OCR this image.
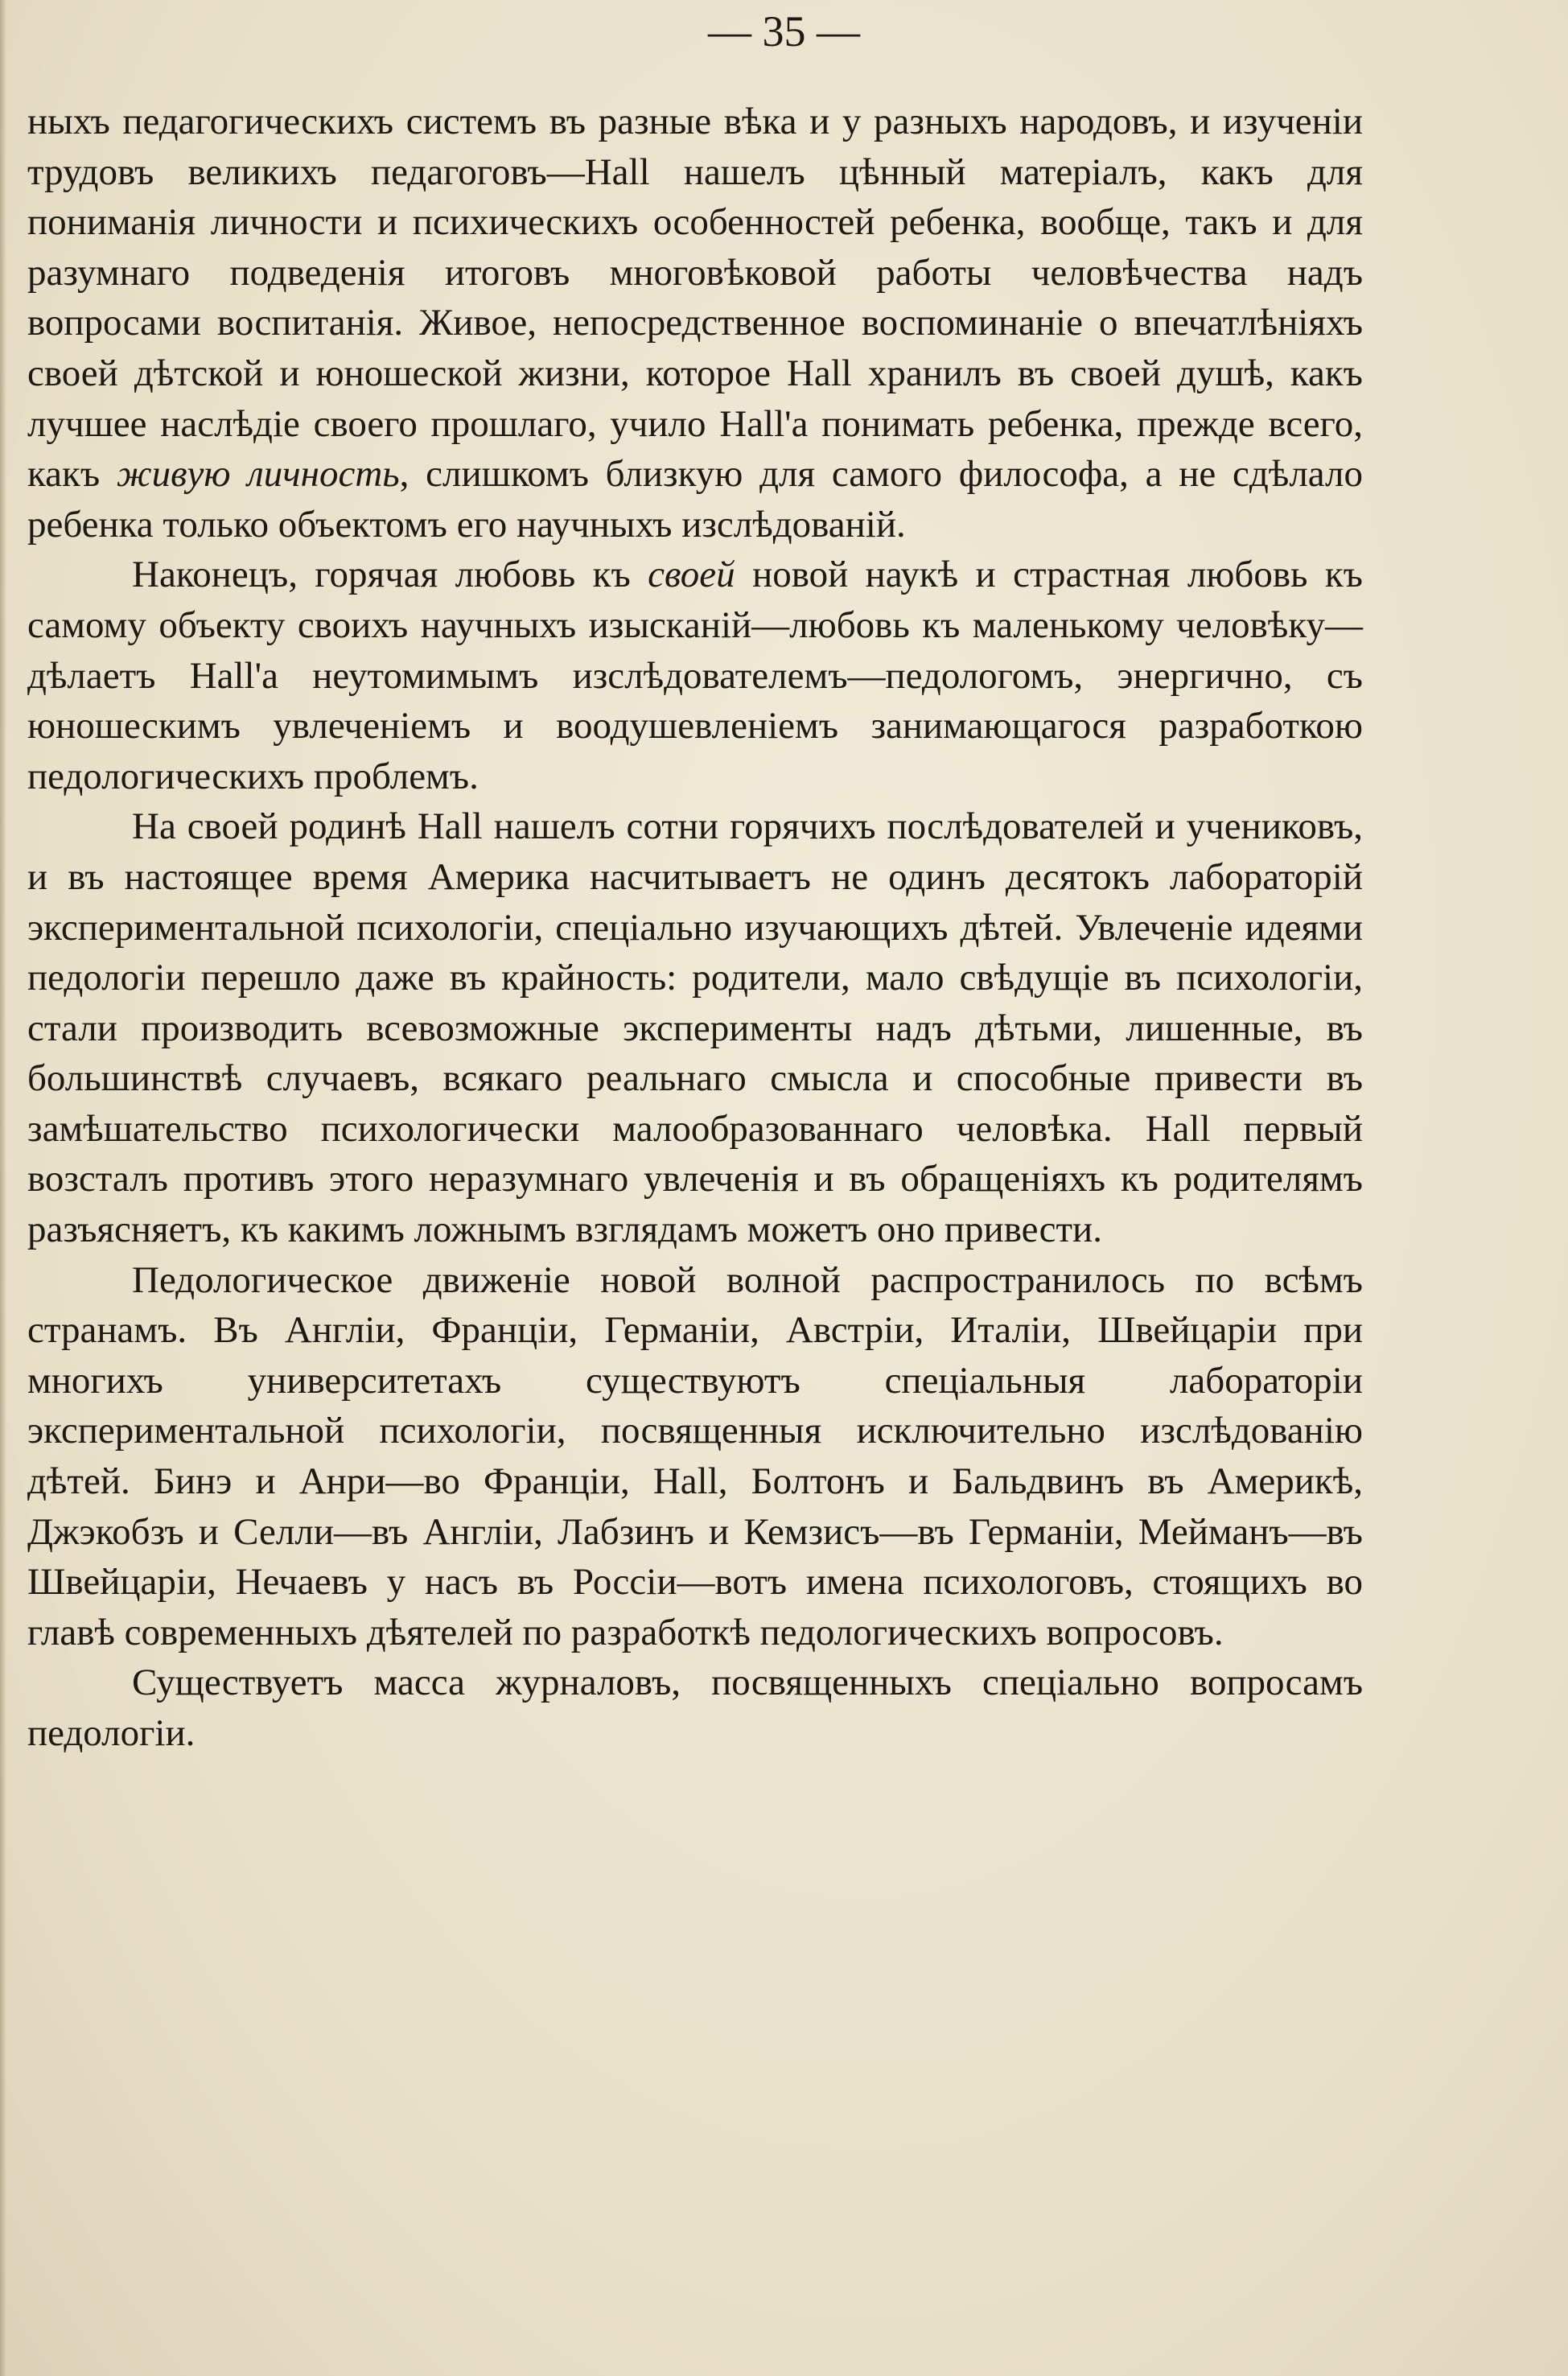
— 35 —

ныхъ педагогическихъ системъ въ разные вѣка и у разныхъ народовъ, и изученіи трудовъ великихъ педагоговъ—Hall нашелъ цѣнный матеріалъ, какъ для пониманія личности и психическихъ особенностей ребенка, вообще, такъ и для разумнаго подведенія итоговъ многовѣковой работы человѣчества надъ вопросами воспитанія. Живое, непосредственное воспоминаніе о впечатлѣніяхъ своей дѣтской и юношеской жизни, которое Hall хранилъ въ своей душѣ, какъ лучшее наслѣдіе своего прошлаго, учило Hall'а понимать ребенка, прежде всего, какъ живую личность, слишкомъ близкую для самого философа, а не сдѣлало ребенка только объектомъ его научныхъ изслѣдованій.

Наконецъ, горячая любовь къ своей новой наукѣ и страстная любовь къ самому объекту своихъ научныхъ изысканій—любовь къ маленькому человѣку—дѣлаетъ Hall'а неутомимымъ изслѣдователемъ—педологомъ, энергично, съ юношескимъ увлеченіемъ и воодушевленіемъ занимающагося разработкою педологическихъ проблемъ.

На своей родинѣ Hall нашелъ сотни горячихъ послѣдователей и учениковъ, и въ настоящее время Америка насчитываетъ не одинъ десятокъ лабораторій экспериментальной психологіи, спеціально изучающихъ дѣтей. Увлеченіе идеями педологіи перешло даже въ крайность: родители, мало свѣдущіе въ психологіи, стали производить всевозможные эксперименты надъ дѣтьми, лишенные, въ большинствѣ случаевъ, всякаго реальнаго смысла и способные привести въ замѣшательство психологически малообразованнаго человѣка. Hall первый возсталъ противъ этого неразумнаго увлеченія и въ обращеніяхъ къ родителямъ разъясняетъ, къ какимъ ложнымъ взглядамъ можетъ оно привести.

Педологическое движеніе новой волной распространилось по всѣмъ странамъ. Въ Англіи, Франціи, Германіи, Австріи, Италіи, Швейцаріи при многихъ университетахъ существуютъ спеціальныя лабораторіи экспериментальной психологіи, посвященныя исключительно изслѣдованію дѣтей. Бинэ и Анри—во Франціи, Hall, Болтонъ и Бальдвинъ въ Америкѣ, Джэкобзъ и Селли—въ Англіи, Лабзинъ и Кемзисъ—въ Германіи, Мейманъ—въ Швейцаріи, Нечаевъ у насъ въ Россіи—вотъ имена психологовъ, стоящихъ во главѣ современныхъ дѣятелей по разработкѣ педологическихъ вопросовъ.

Существуетъ масса журналовъ, посвященныхъ спеціально вопросамъ педологіи.
